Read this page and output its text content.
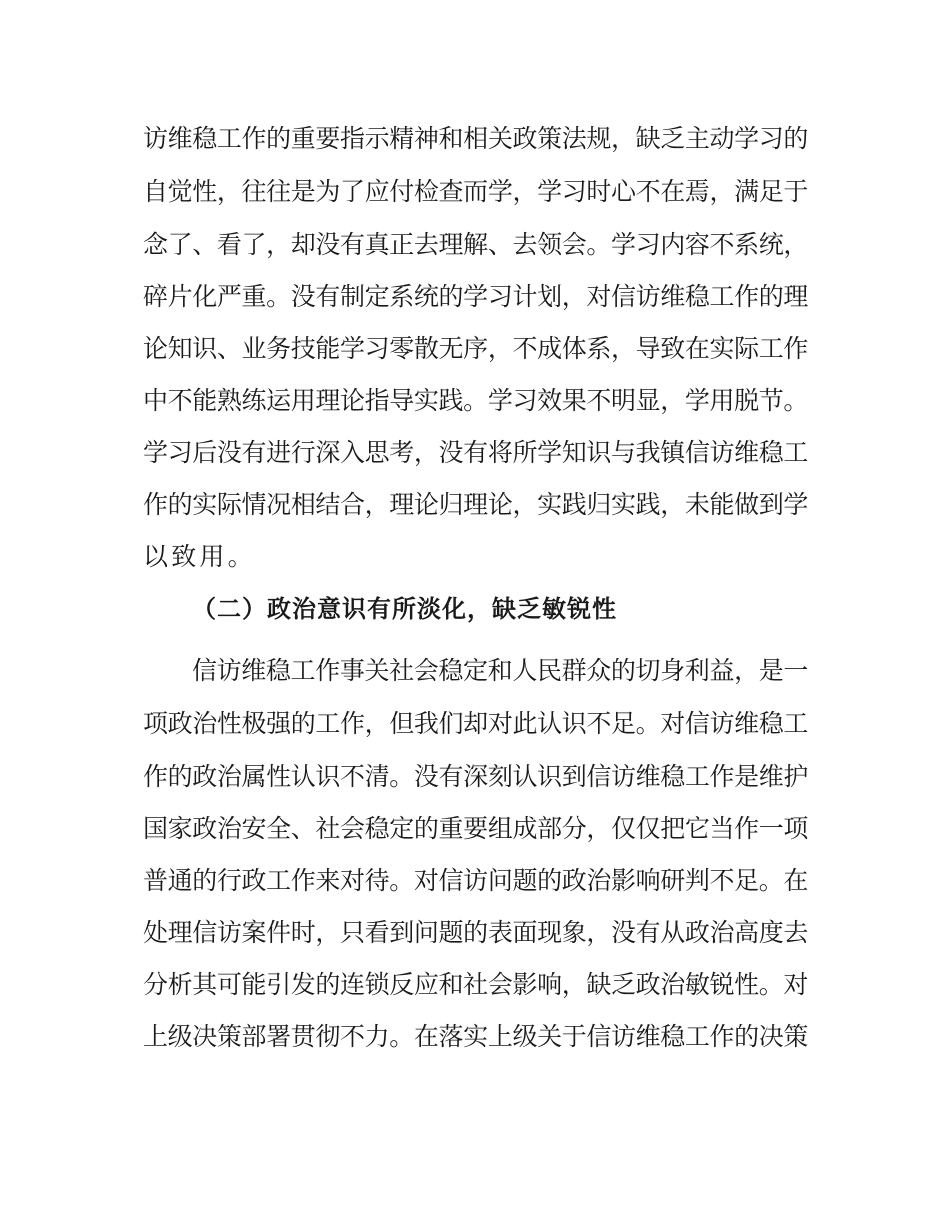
访维稳工作的重要指示精神和相关政策法规，缺乏主动学习的
自觉性，往往是为了应付检查而学，学习时心不在焉，满足于
念了、看了，却没有真正去理解、去领会。学习内容不系统，
碎片化严重。没有制定系统的学习计划，对信访维稳工作的理
论知识、业务技能学习零散无序，不成体系，导致在实际工作
中不能熟练运用理论指导实践。学习效果不明显，学用脱节。
学习后没有进行深入思考，没有将所学知识与我镇信访维稳工
作的实际情况相结合，理论归理论，实践归实践，未能做到学
以致用。
（二）政治意识有所淡化，缺乏敏锐性
信访维稳工作事关社会稳定和人民群众的切身利益，是一
项政治性极强的工作，但我们却对此认识不足。对信访维稳工
作的政治属性认识不清。没有深刻认识到信访维稳工作是维护
国家政治安全、社会稳定的重要组成部分，仅仅把它当作一项
普通的行政工作来对待。对信访问题的政治影响研判不足。在
处理信访案件时，只看到问题的表面现象，没有从政治高度去
分析其可能引发的连锁反应和社会影响，缺乏政治敏锐性。对
上级决策部署贯彻不力。在落实上级关于信访维稳工作的决策
